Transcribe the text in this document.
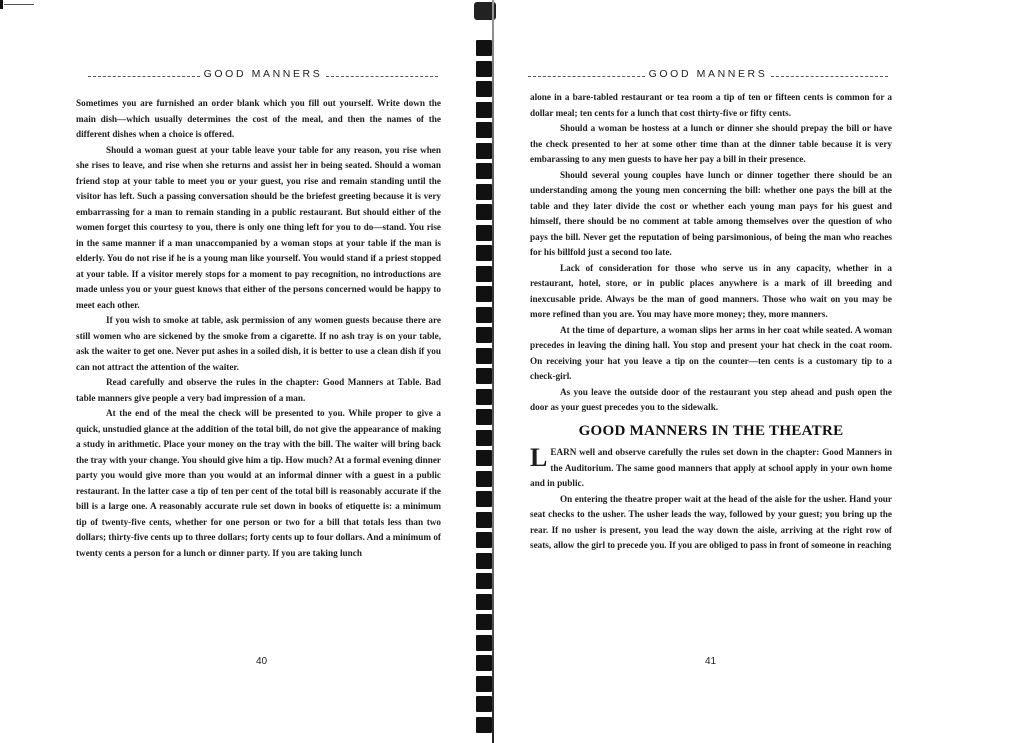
GOOD MANNERS

Sometimes you are furnished an order blank which you fill out yourself. Write down the main dish—which usually determines the cost of the meal, and then the names of the different dishes when a choice is offered.

Should a woman guest at your table leave your table for any reason, you rise when she rises to leave, and rise when she returns and assist her in being seated. Should a woman friend stop at your table to meet you or your guest, you rise and remain standing until the visitor has left. Such a passing conversation should be the briefest greeting because it is very embarrassing for a man to remain standing in a public restaurant. But should either of the women forget this courtesy to you, there is only one thing left for you to do—stand. You rise in the same manner if a man unaccompanied by a woman stops at your table if the man is elderly. You do not rise if he is a young man like yourself. You would stand if a priest stopped at your table. If a visitor merely stops for a moment to pay recognition, no introductions are made unless you or your guest knows that either of the persons concerned would be happy to meet each other.

If you wish to smoke at table, ask permission of any women guests because there are still women who are sickened by the smoke from a cigarette. If no ash tray is on your table, ask the waiter to get one. Never put ashes in a soiled dish, it is better to use a clean dish if you can not attract the attention of the waiter.

Read carefully and observe the rules in the chapter: Good Manners at Table. Bad table manners give people a very bad impression of a man.

At the end of the meal the check will be presented to you. While proper to give a quick, unstudied glance at the addition of the total bill, do not give the appearance of making a study in arithmetic. Place your money on the tray with the bill. The waiter will bring back the tray with your change. You should give him a tip. How much? At a formal evening dinner party you would give more than you would at an informal dinner with a guest in a public restaurant. In the latter case a tip of ten per cent of the total bill is reasonably accurate if the bill is a large one. A reasonably accurate rule set down in books of etiquette is: a minimum tip of twenty-five cents, whether for one person or two for a bill that totals less than two dollars; thirty-five cents up to three dollars; forty cents up to four dollars. And a minimum of twenty cents a person for a lunch or dinner party. If you are taking lunch

40
GOOD MANNERS

alone in a bare-tabled restaurant or tea room a tip of ten or fifteen cents is common for a dollar meal; ten cents for a lunch that cost thirty-five or fifty cents.

Should a woman be hostess at a lunch or dinner she should prepay the bill or have the check presented to her at some other time than at the dinner table because it is very embarassing to any men guests to have her pay a bill in their presence.

Should several young couples have lunch or dinner together there should be an understanding among the young men concerning the bill: whether one pays the bill at the table and they later divide the cost or whether each young man pays for his guest and himself, there should be no comment at table among themselves over the question of who pays the bill. Never get the reputation of being parsimonious, of being the man who reaches for his billfold just a second too late.

Lack of consideration for those who serve us in any capacity, whether in a restaurant, hotel, store, or in public places anywhere is a mark of ill breeding and inexcusable pride. Always be the man of good manners. Those who wait on you may be more refined than you are. You may have more money; they, more manners.

At the time of departure, a woman slips her arms in her coat while seated. A woman precedes in leaving the dining hall. You stop and present your hat check in the coat room. On receiving your hat you leave a tip on the counter—ten cents is a customary tip to a check-girl.

As you leave the outside door of the restaurant you step ahead and push open the door as your guest precedes you to the sidewalk.

GOOD MANNERS IN THE THEATRE

LEARN well and observe carefully the rules set down in the chapter: Good Manners in the Auditorium. The same good manners that apply at school apply in your own home and in public.

On entering the theatre proper wait at the head of the aisle for the usher. Hand your seat checks to the usher. The usher leads the way, followed by your guest; you bring up the rear. If no usher is present, you lead the way down the aisle, arriving at the right row of seats, allow the girl to precede you. If you are obliged to pass in front of someone in reaching

41
